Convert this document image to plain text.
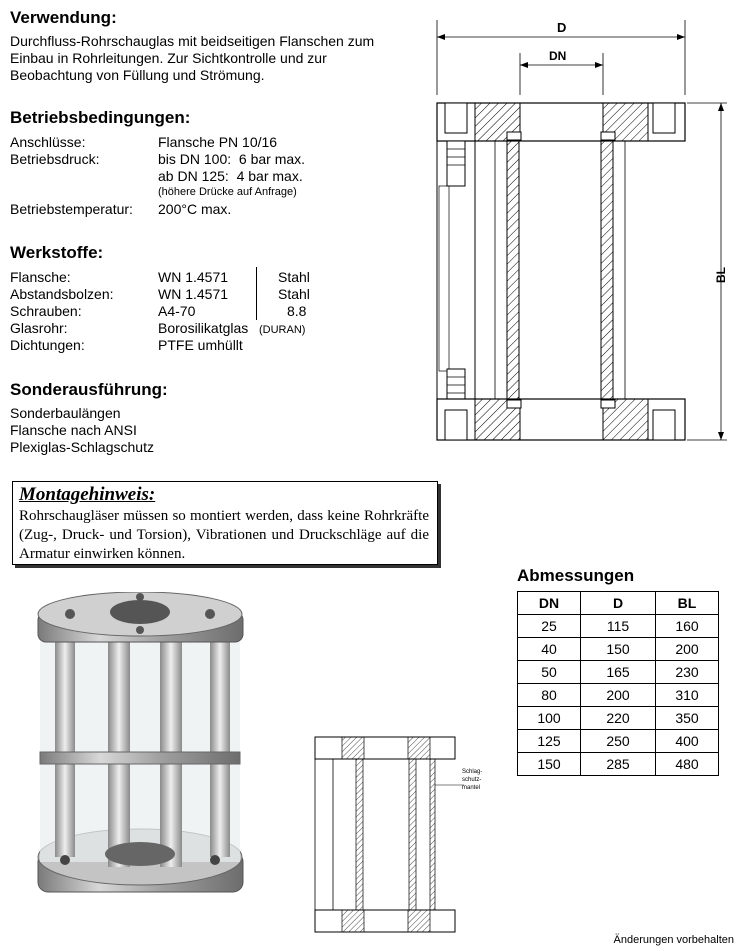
Verwendung:
Durchfluss-Rohrschauglas mit beidseitigen Flanschen zum
Einbau in Rohrleitungen. Zur Sichtkontrolle und zur
Beobachtung von Füllung und Strömung.
Betriebsbedingungen:
Anschlüsse:	Flansche PN 10/16
Betriebsdruck:	bis DN 100:  6 bar max.
ab DN 125:  4 bar max.
(höhere Drücke auf Anfrage)
Betriebstemperatur: 200°C max.
Werkstoffe:
Flansche:	WN 1.4571	Stahl
Abstandsbolzen:	WN 1.4571	Stahl
Schrauben:	A4-70	8.8
Glasrohr:	Borosilikatglas (DURAN)
Dichtungen:	PTFE umhüllt
Sonderausführung:
Sonderbaulängen
Flansche nach ANSI
Plexiglas-Schlagschutz
Montagehinweis:
Rohrschaugläser müssen so montiert werden, dass keine Rohrkräfte (Zug-, Druck- und Torsion), Vibrationen und Druckschläge auf die Armatur einwirken können.
D
DN
BL
Schlag- schutz- mantel
Abmessungen
DN	D	BL
25	115	160
40	150	200
50	165	230
80	200	310
100	220	350
125	250	400
150	285	480
Änderungen vorbehalten
